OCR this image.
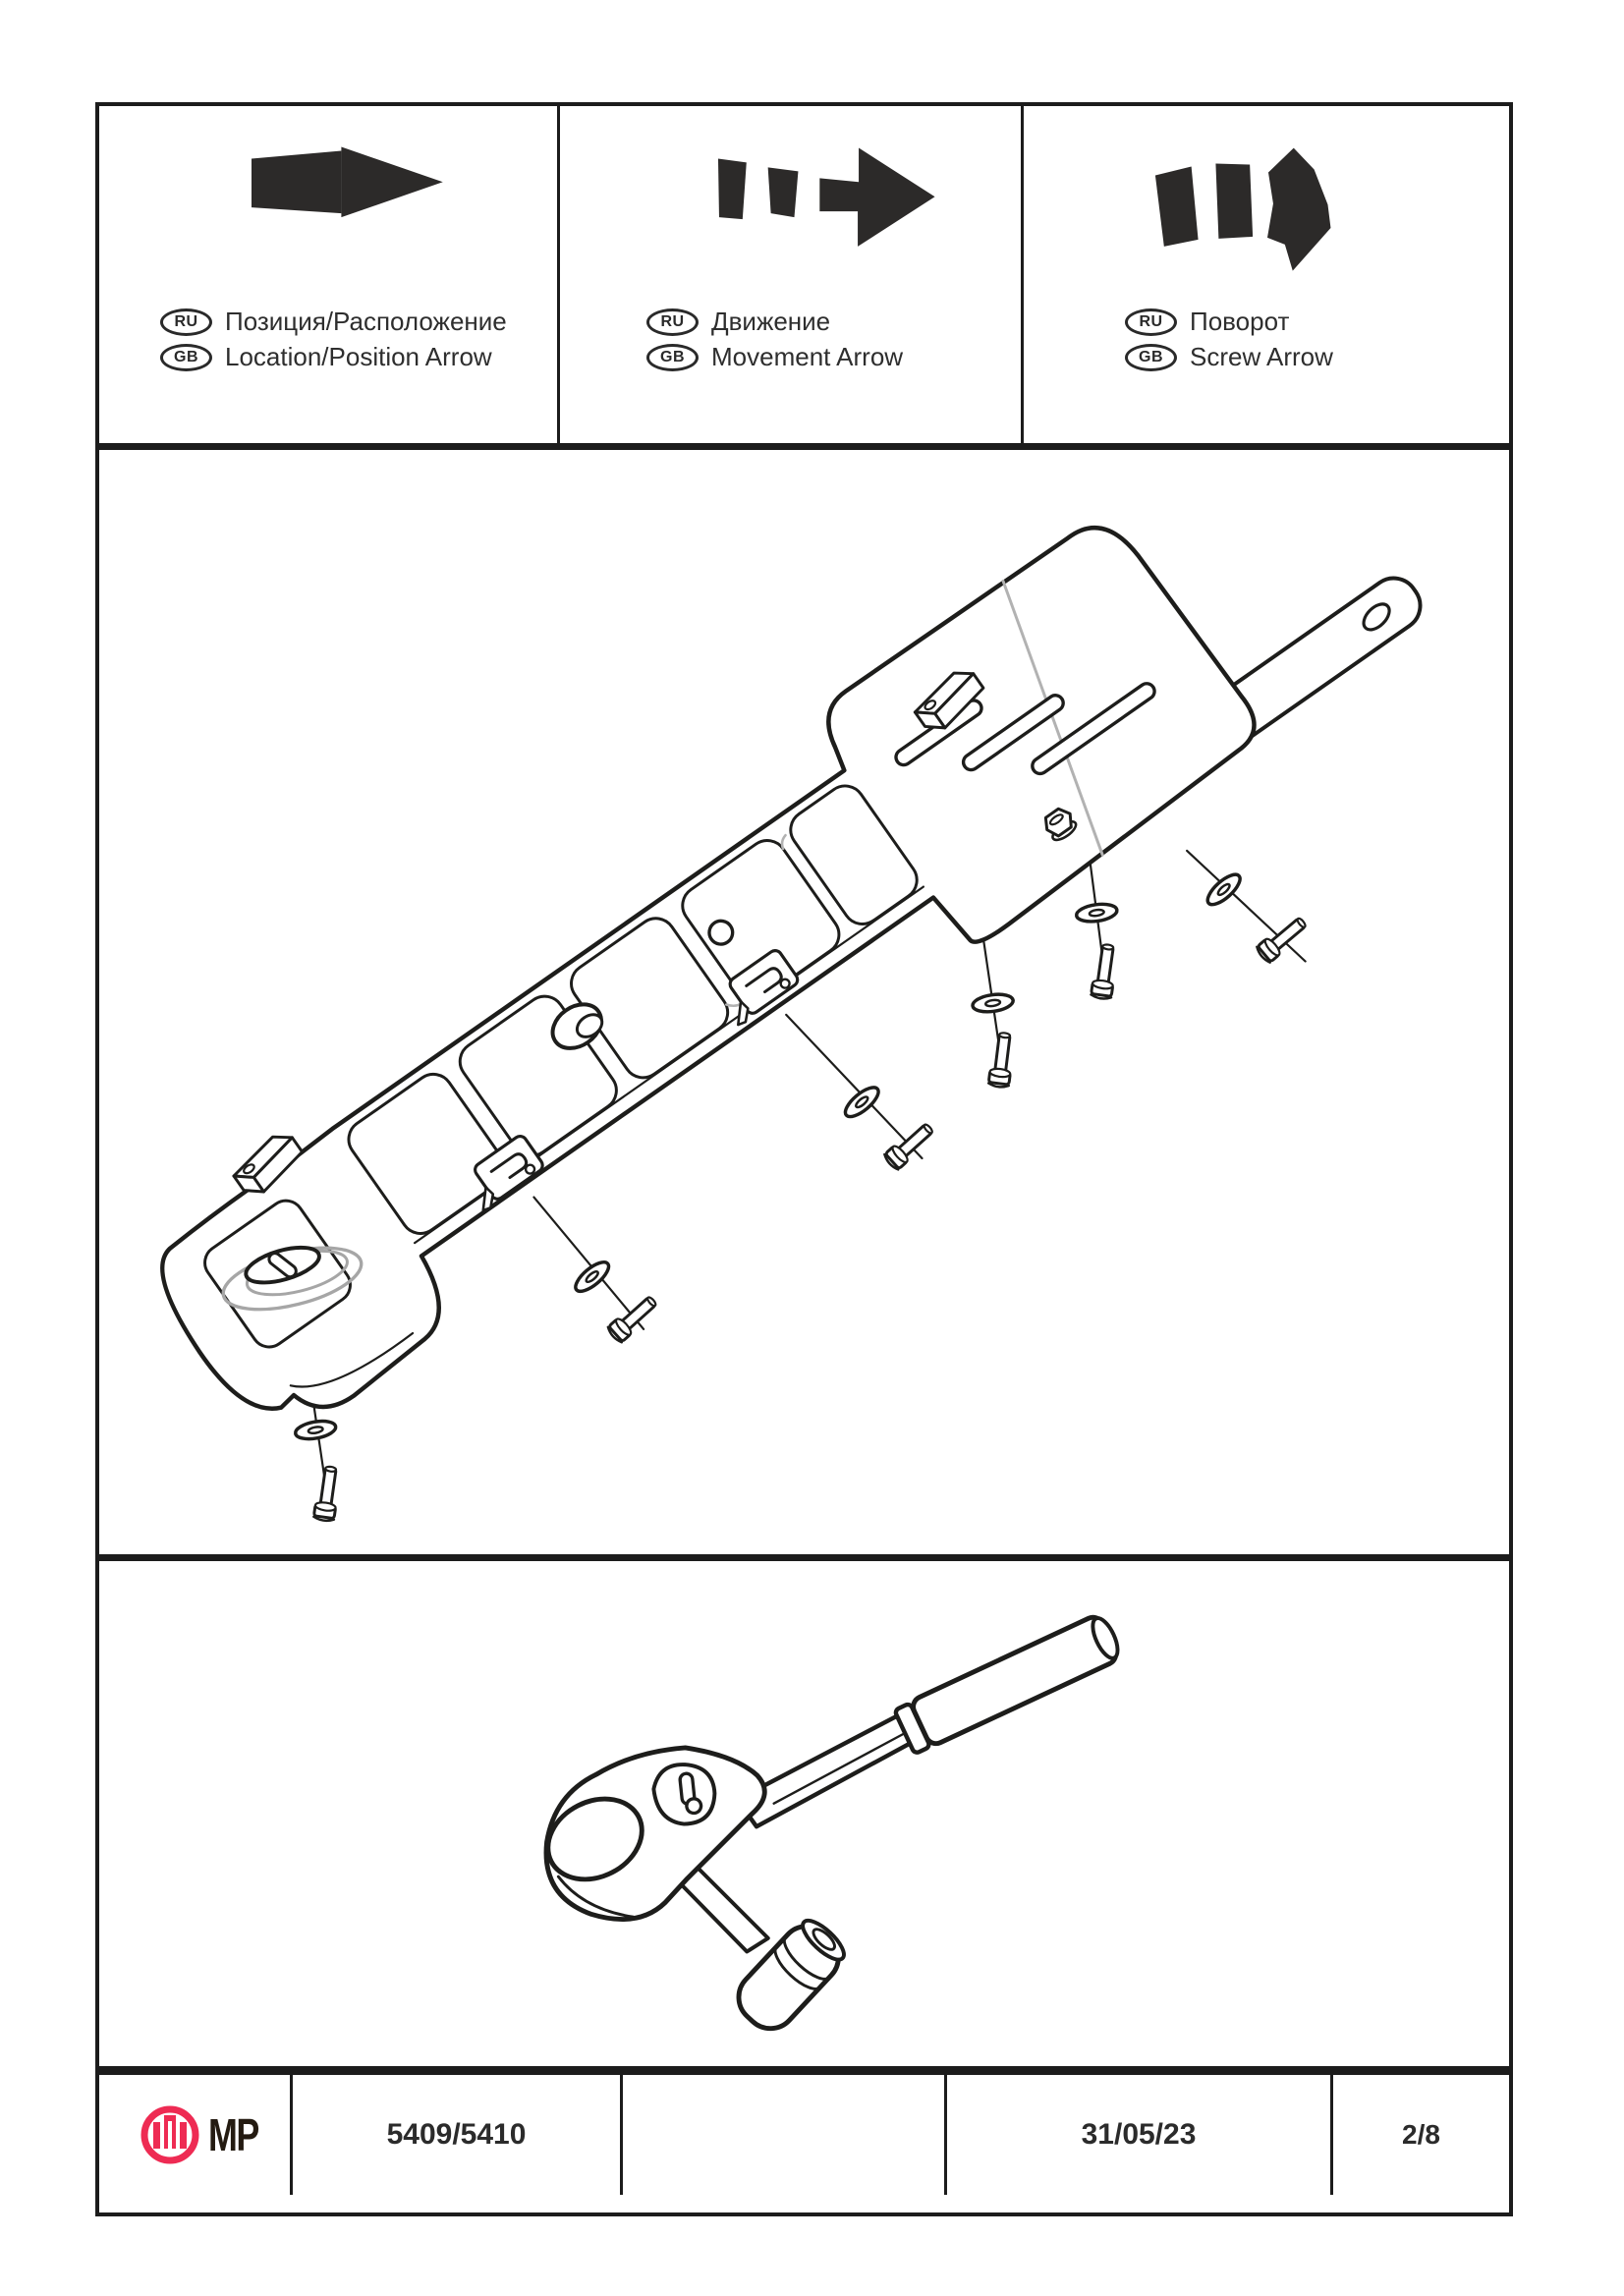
RU	Позиция/Расположение
GB	Location/Position Arrow
RU	Движение
GB	Movement Arrow
RU	Поворот
GB	Screw Arrow
MP	5409/5410	31/05/23	2/8
